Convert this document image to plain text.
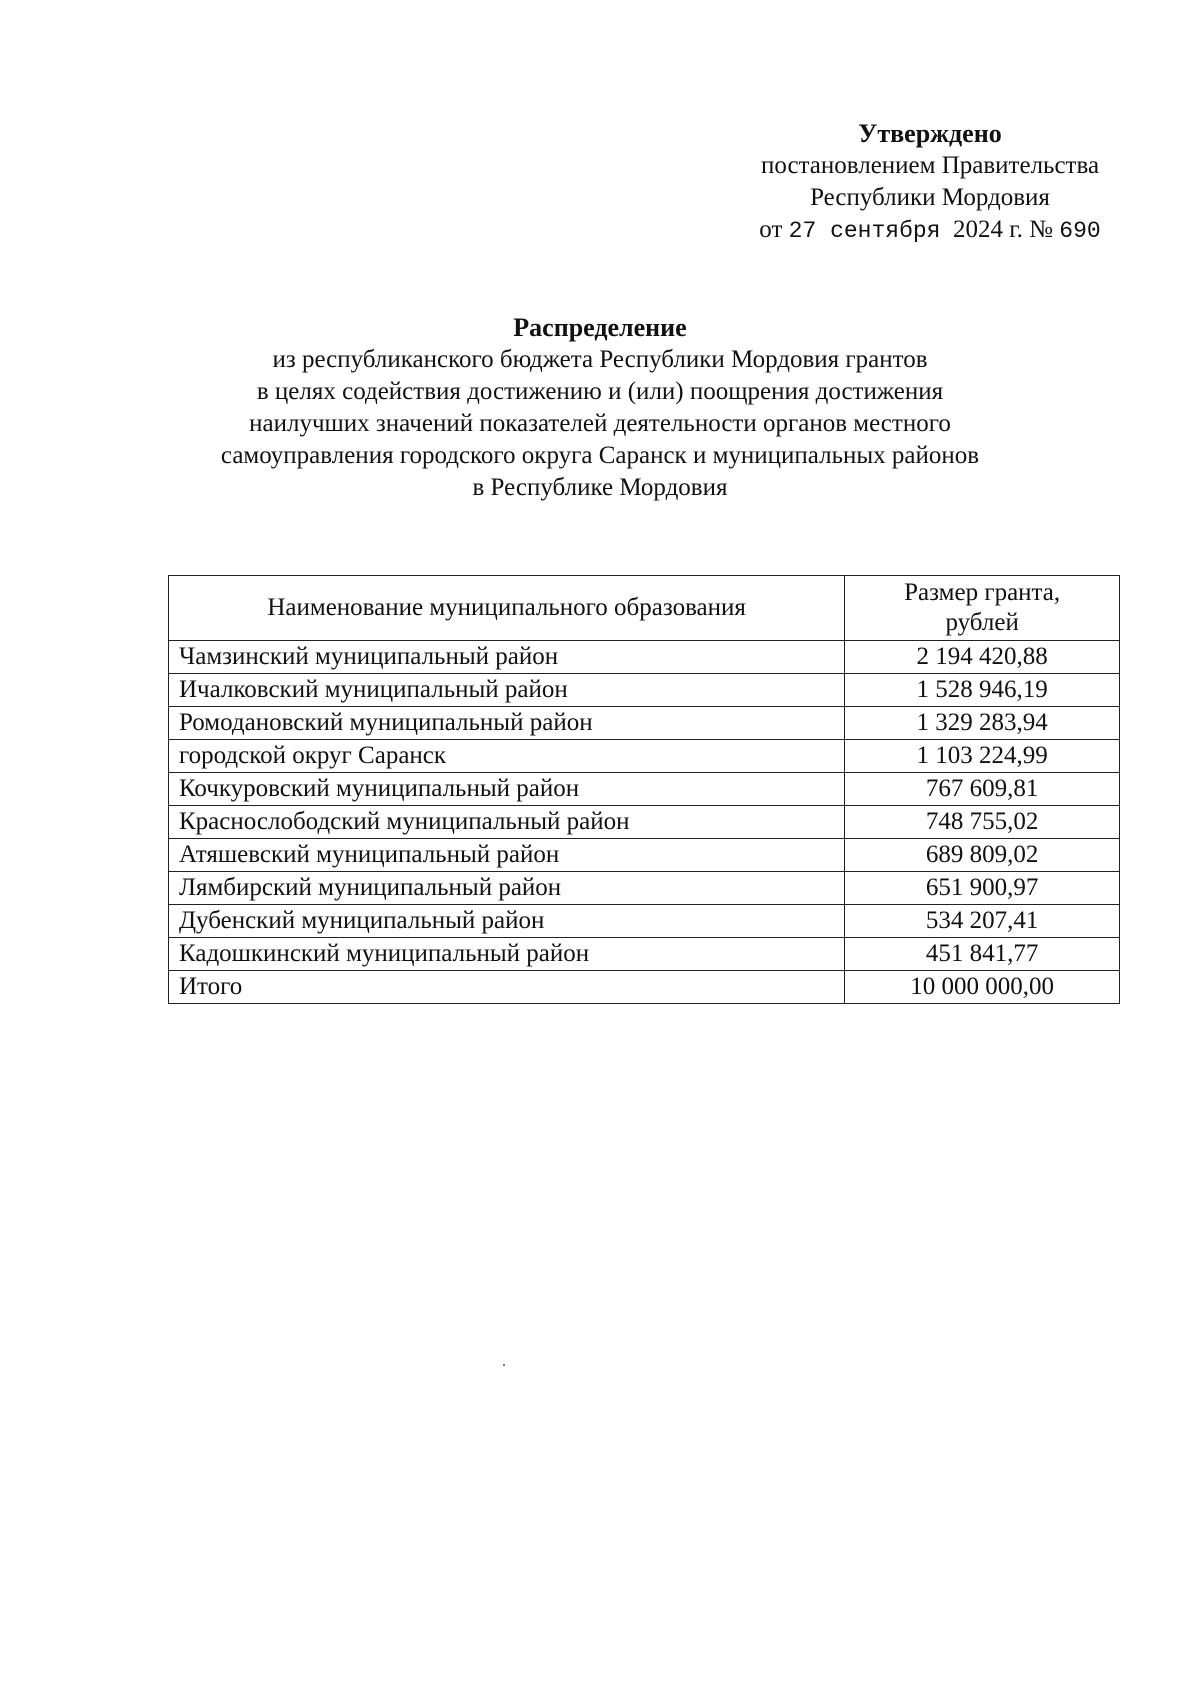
Утверждено
постановлением Правительства
Республики Мордовия
от 27 сентября 2024 г. № 690
Распределение
из республиканского бюджета Республики Мордовия грантов
в целях содействия достижению и (или) поощрения достижения
наилучших значений показателей деятельности органов местного
самоуправления городского округа Саранск и муниципальных районов
в Республике Мордовия
Наименование муниципального образования	Размер гранта,
рублей

Чамзинский муниципальный район	2 194 420,88
Ичалковский муниципальный район	1 528 946,19
Ромодановский муниципальный район	1 329 283,94
городской округ Саранск	1 103 224,99
Кочкуровский муниципальный район	767 609,81
Краснослободский муниципальный район	748 755,02
Атяшевский муниципальный район	689 809,02
Лямбирский муниципальный район	651 900,97
Дубенский муниципальный район	534 207,41
Кадошкинский муниципальный район	451 841,77
Итого	10 000 000,00
